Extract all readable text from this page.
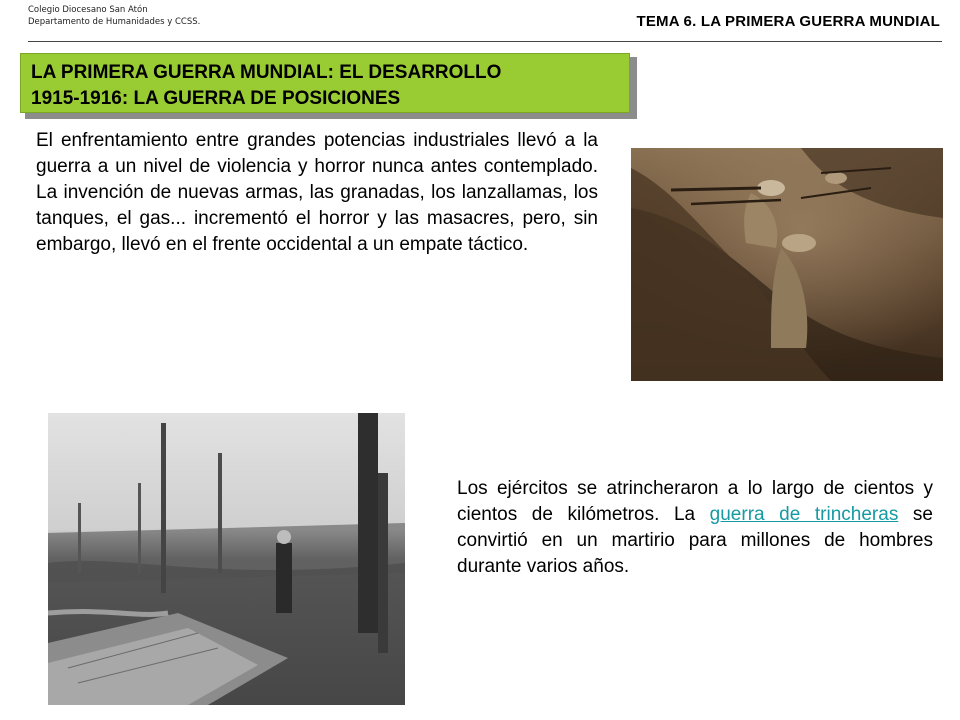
Colegio Diocesano San Atón
Departamento de Humanidades y CCSS.	TEMA 6. LA PRIMERA GUERRA MUNDIAL
LA PRIMERA GUERRA MUNDIAL: EL DESARROLLO
1915-1916: LA GUERRA DE POSICIONES

El enfrentamiento entre grandes potencias industriales llevó a la guerra a un nivel de violencia y horror nunca antes contemplado. La invención de nuevas armas, las granadas, los lanzallamas, los tanques, el gas... incrementó el horror y las masacres, pero, sin embargo, llevó en el frente occidental a un empate táctico.

Los ejércitos se atrincheraron a lo largo de cientos y cientos de kilómetros. La guerra de trincheras se convirtió en un martirio para millones de hombres durante varios años.
